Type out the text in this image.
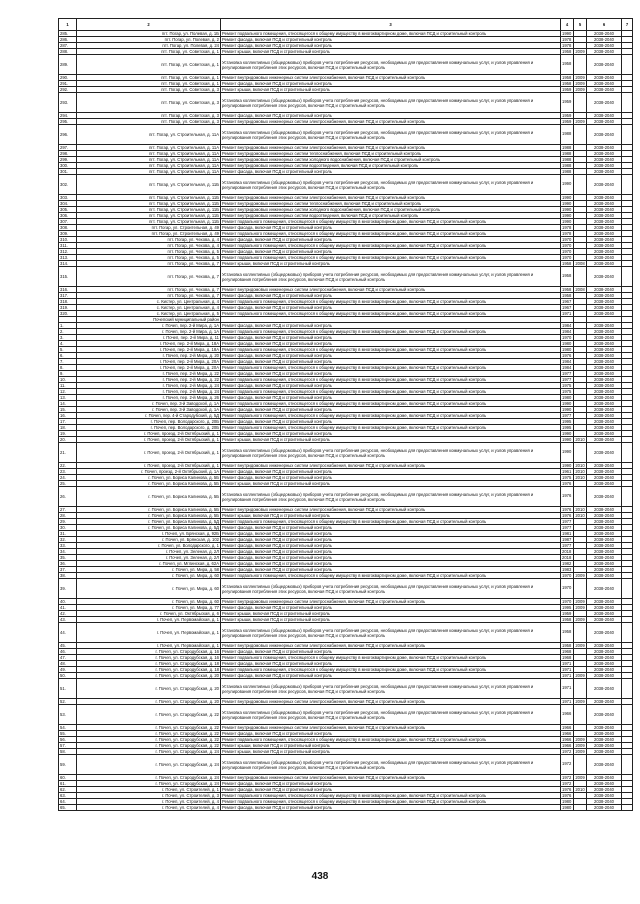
1	2	3	4	5	6	7
285.	пгт. Погар, ул. Полевая, д. 1Б	Ремонт подвального помещения, относящегося к общему имуществу в многоквартирном доме, включая ПСД и строительный контроль	1990		2038-2040	
286.	пгт. Погар, ул. Полевая, д. 2	Ремонт фасада, включая ПСД и строительный контроль	1978		2038-2040	
287.	пгт. Погар, ул. Полевая, д. 24	Ремонт фасада, включая ПСД и строительный контроль	1978		2038-2040	
288.	пгт. Погар, ул. Советская, д. 1	Ремонт крыши, включая ПСД и строительный контроль	1958	2009	2038-2040	
289.	пгт. Погар, ул. Советская, д. 1	Установка коллективных (общедомовых) приборов учета потребления ресурсов, необходимых для предоставления коммунальных услуг, и узлов управления и регулирования потребления этих ресурсов, включая ПСД и строительный контроль	1958		2038-2040	
290.	пгт. Погар, ул. Советская, д. 1	Ремонт внутридомовых инженерных систем электроснабжения, включая ПСД и строительный контроль	1958	2009	2038-2040	
291.	пгт. Погар, ул. Советская, д. 1	Ремонт фасада, включая ПСД и строительный контроль	1958	2009	2038-2040	
292.	пгт. Погар, ул. Советская, д. 3	Ремонт крыши, включая ПСД и строительный контроль	1959	2009	2038-2040	
293.	пгт. Погар, ул. Советская, д. 3	Установка коллективных (общедомовых) приборов учета потребления ресурсов, необходимых для предоставления коммунальных услуг, и узлов управления и регулирования потребления этих ресурсов, включая ПСД и строительный контроль	1959		2038-2040	
294.	пгт. Погар, ул. Советская, д. 3	Ремонт фасада, включая ПСД и строительный контроль	1959		2038-2040	
295.	пгт. Погар, ул. Советская, д. 3	Ремонт внутридомовых инженерных систем электроснабжения, включая ПСД и строительный контроль	1959	2009	2038-2040	
296.	пгт. Погар, ул. Строительная, д. 11А	Установка коллективных (общедомовых) приборов учета потребления ресурсов, необходимых для предоставления коммунальных услуг, и узлов управления и регулирования потребления этих ресурсов, включая ПСД и строительный контроль	1988		2038-2040	
297.	пгт. Погар, ул. Строительная, д. 11А	Ремонт внутридомовых инженерных систем электроснабжения, включая ПСД и строительный контроль	1988		2038-2040	
298.	пгт. Погар, ул. Строительная, д. 11А	Ремонт внутридомовых инженерных систем теплоснабжения, включая ПСД и строительный контроль	1988		2038-2040	
299.	пгт. Погар, ул. Строительная, д. 11А	Ремонт внутридомовых инженерных систем холодного водоснабжения, включая ПСД и строительный контроль	1988		2038-2040	
300.	пгт. Погар, ул. Строительная, д. 11А	Ремонт внутридомовых инженерных систем водоотведения, включая ПСД и строительный контроль	1988		2038-2040	
301.	пгт. Погар, ул. Строительная, д. 11А	Ремонт фасада, включая ПСД и строительный контроль	1988		2038-2040	
302.	пгт. Погар, ул. Строительная, д. 11Б	Установка коллективных (общедомовых) приборов учета потребления ресурсов, необходимых для предоставления коммунальных услуг, и узлов управления и регулирования потребления этих ресурсов, включая ПСД и строительный контроль	1990		2038-2040	
303.	пгт. Погар, ул. Строительная, д. 11Б	Ремонт внутридомовых инженерных систем электроснабжения, включая ПСД и строительный контроль	1990		2038-2040	
304.	пгт. Погар, ул. Строительная, д. 11Б	Ремонт внутридомовых инженерных систем теплоснабжения, включая ПСД и строительный контроль	1990		2038-2040	
305.	пгт. Погар, ул. Строительная, д. 11Б	Ремонт внутридомовых инженерных систем холодного водоснабжения, включая ПСД и строительный контроль	1990		2038-2040	
306.	пгт. Погар, ул. Строительная, д. 11Б	Ремонт внутридомовых инженерных систем водоотведения, включая ПСД и строительный контроль	1990		2038-2040	
307.	пгт. Погар, ул. Строительная, д. 11Б	Ремонт подвального помещения, относящегося к общему имуществу в многоквартирном доме, включая ПСД и строительный контроль	1990		2038-2040	
308.	пгт. Погар, ул. Строительная, д. 49	Ремонт фасада, включая ПСД и строительный контроль	1978		2038-2040	
309.	пгт. Погар, ул. Строительная, д. 49	Ремонт подвального помещения, относящегося к общему имуществу в многоквартирном доме, включая ПСД и строительный контроль	1978		2038-2040	
310.	пгт. Погар, ул. Чехова, д. 4	Ремонт фасада, включая ПСД и строительный контроль	1970		2038-2040	
311.	пгт. Погар, ул. Чехова, д. 4	Ремонт подвального помещения, относящегося к общему имуществу в многоквартирном доме, включая ПСД и строительный контроль	1970		2038-2040	
312.	пгт. Погар, ул. Чехова, д. 5	Ремонт фасада, включая ПСД и строительный контроль	1970		2038-2040	
313.	пгт. Погар, ул. Чехова, д. 5	Ремонт подвального помещения, относящегося к общему имуществу в многоквартирном доме, включая ПСД и строительный контроль	1970		2038-2040	
314.	пгт. Погар, ул. Чехова, д. 7	Ремонт крыши, включая ПСД и строительный контроль	1958	2008	2038-2040	
315.	пгт. Погар, ул. Чехова, д. 7	Установка коллективных (общедомовых) приборов учета потребления ресурсов, необходимых для предоставления коммунальных услуг, и узлов управления и регулирования потребления этих ресурсов, включая ПСД и строительный контроль	1958		2038-2040	
316.	пгт. Погар, ул. Чехова, д. 7	Ремонт внутридомовых инженерных систем электроснабжения, включая ПСД и строительный контроль	1958	2008	2038-2040	
317.	пгт. Погар, ул. Чехова, д. 7	Ремонт фасада, включая ПСД и строительный контроль	1958		2038-2040	
318.	с. Кистер, ул. Центральная, д. 4	Ремонт подвального помещения, относящегося к общему имуществу в многоквартирном доме, включая ПСД и строительный контроль	1967		2038-2040	
319.	с. Кистер, ул. Центральная, д. 4	Ремонт фасада, включая ПСД и строительный контроль	1967		2038-2040	
320.	с. Кистер, ул. Центральная, д. 5	Ремонт подвального помещения, относящегося к общему имуществу в многоквартирном доме, включая ПСД и строительный контроль	1971		2038-2040	
	Почепский муниципальный район					
1.	г. Почеп, пер. 2-й Мира, д. 1А	Ремонт фасада, включая ПСД и строительный контроль	1984		2038-2040	
2.	г. Почеп, пер. 2-й Мира, д. 1А	Ремонт подвального помещения, относящегося к общему имуществу в многоквартирном доме, включая ПСД и строительный контроль	1984		2038-2040	
3.	г. Почеп, пер. 2-й Мира, д. 11	Ремонт фасада, включая ПСД и строительный контроль	1970		2038-2040	
4.	г. Почеп, пер. 2-й Мира, д. 18А	Ремонт фасада, включая ПСД и строительный контроль	1980		2038-2040	
5.	г. Почеп, пер. 2-й Мира, д. 18А	Ремонт подвального помещения, относящегося к общему имуществу в многоквартирном доме, включая ПСД и строительный контроль	1980		2038-2040	
6.	г. Почеп, пер. 2-й Мира, д. 20	Ремонт фасада, включая ПСД и строительный контроль	1976		2038-2040	
7.	г. Почеп, пер. 2-й Мира, д. 20А	Ремонт фасада, включая ПСД и строительный контроль	1984		2038-2040	
8.	г. Почеп, пер. 2-й Мира, д. 20А	Ремонт подвального помещения, относящегося к общему имуществу в многоквартирном доме, включая ПСД и строительный контроль	1984		2038-2040	
9.	г. Почеп, пер. 2-й Мира, д. 22	Ремонт фасада, включая ПСД и строительный контроль	1977		2038-2040	
10.	г. Почеп, пер. 2-й Мира, д. 22	Ремонт подвального помещения, относящегося к общему имуществу в многоквартирном доме, включая ПСД и строительный контроль	1977		2038-2040	
11.	г. Почеп, пер. 2-й Мира, д. 24	Ремонт фасада, включая ПСД и строительный контроль	1975		2038-2040	
12.	г. Почеп, пер. 2-й Мира, д. 24	Ремонт подвального помещения, относящегося к общему имуществу в многоквартирном доме, включая ПСД и строительный контроль	1975		2038-2040	
13.	г. Почеп, пер. 2-й Мира, д. 26	Ремонт фасада, включая ПСД и строительный контроль	1980		2038-2040	
14.	г. Почеп, пер. 3-й Заводской, д. 1А	Ремонт подвального помещения, относящегося к общему имуществу в многоквартирном доме, включая ПСД и строительный контроль	1990		2038-2040	
15.	г. Почеп, пер. 3-й Заводской, д. 1А	Ремонт фасада, включая ПСД и строительный контроль	1990		2038-2040	
16.	г. Почеп, пер. 4-й Стародубский, д. 5Д	Ремонт подвального помещения, относящегося к общему имуществу в многоквартирном доме, включая ПСД и строительный контроль	1977		2038-2040	
17.	г. Почеп, пер. Володарского, д. 20Б	Ремонт фасада, включая ПСД и строительный контроль	1995		2038-2040	
18.	г. Почеп, пер. Володарского, д. 20Б	Ремонт подвального помещения, относящегося к общему имуществу в многоквартирном доме, включая ПСД и строительный контроль	1995		2038-2040	
19.	г. Почеп, проезд. 2-й Октябрьский, д. 1	Ремонт фасада, включая ПСД и строительный контроль	1990		2038-2040	
20.	г. Почеп, проезд. 2-й Октябрьский, д. 1	Ремонт крыши, включая ПСД и строительный контроль	1990	2010	2038-2040	
21.	г. Почеп, проезд. 2-й Октябрьский, д. 1	Установка коллективных (общедомовых) приборов учета потребления ресурсов, необходимых для предоставления коммунальных услуг, и узлов управления и регулирования потребления этих ресурсов, включая ПСД и строительный контроль	1990		2038-2040	
22.	г. Почеп, проезд. 2-й Октябрьский, д. 1	Ремонт внутридомовых инженерных систем электроснабжения, включая ПСД и строительный контроль	1990	2010	2038-2040	
23.	г. Почеп, проезд. 2-й Октябрьский, д. 1А	Ремонт фасада, включая ПСД и строительный контроль	1961	2010	2038-2040	
24.	г. Почеп, ул. Бориса Калинова, д. 5Б	Ремонт фасада, включая ПСД и строительный контроль	1975	2010	2038-2040	
25.	г. Почеп, ул. Бориса Калинова, д. 5Б	Ремонт крыши, включая ПСД и строительный контроль	1976		2038-2040	
26.	г. Почеп, ул. Бориса Калинова, д. 5Б	Установка коллективных (общедомовых) приборов учета потребления ресурсов, необходимых для предоставления коммунальных услуг, и узлов управления и регулирования потребления этих ресурсов, включая ПСД и строительный контроль	1976		2038-2040	
27.	г. Почеп, ул. Бориса Калинова, д. 5Б	Ремонт внутридомовых инженерных систем электроснабжения, включая ПСД и строительный контроль	1976	2010	2038-2040	
28.	г. Почеп, ул. Бориса Калинова, д. 5Б	Ремонт крыши, включая ПСД и строительный контроль	1976	2010	2038-2040	
29.	г. Почеп, ул. Бориса Калинова, д. 5Д	Ремонт подвального помещения, относящегося к общему имуществу в многоквартирном доме, включая ПСД и строительный контроль	1977		2038-2040	
30.	г. Почеп, ул. Бориса Калинова, д. 5Д	Ремонт фасада, включая ПСД и строительный контроль	1977		2038-2040	
31.	г. Почеп, ул. Брянская, д. 92Б	Ремонт фасада, включая ПСД и строительный контроль	1981		2038-2040	
32.	г. Почеп, ул. Брянская, д. 102	Ремонт фасада, включая ПСД и строительный контроль	1987		2038-2040	
33.	г. Почеп, ул. Володарского, д. 1	Ремонт фасада, включая ПСД и строительный контроль	1977		2038-2040	
34.	г. Почеп, ул. Зеленая, д. 2Л	Ремонт фасада, включая ПСД и строительный контроль	2018		2038-2040	
35.	г. Почеп, ул. Зеленая, д. 2Л	Ремонт фасада, включая ПСД и строительный контроль	2018		2038-2040	
36.	г. Почеп, ул. Мглинская, д. 62А	Ремонт фасада, включая ПСД и строительный контроль	1982		2038-2040	
37.	г. Почеп, ул. Мира, д. 58	Ремонт фасада, включая ПСД и строительный контроль	1983		2038-2040	
38.	г. Почеп, ул. Мира, д. 60	Ремонт подвального помещения, относящегося к общему имуществу в многоквартирном доме, включая ПСД и строительный контроль	1970	2009	2038-2040	
39.	г. Почеп, ул. Мира, д. 60	Установка коллективных (общедомовых) приборов учета потребления ресурсов, необходимых для предоставления коммунальных услуг, и узлов управления и регулирования потребления этих ресурсов, включая ПСД и строительный контроль	1970		2038-2040	
40.	г. Почеп, ул. Мира, д. 60	Ремонт внутридомовых инженерных систем электроснабжения, включая ПСД и строительный контроль	1970	2009	2038-2040	
41.	г. Почеп, ул. Мира, д. 77	Ремонт фасада, включая ПСД и строительный контроль	1995	2009	2038-2040	
42.	г. Почеп, ул. Октябрьская, д. 6	Ремонт крыши, включая ПСД и строительный контроль	1959		2038-2040	
43.	г. Почеп, ул. Первомайская, д. 1	Ремонт крыши, включая ПСД и строительный контроль	1958	2009	2038-2040	
44.	г. Почеп, ул. Первомайская, д. 1	Установка коллективных (общедомовых) приборов учета потребления ресурсов, необходимых для предоставления коммунальных услуг, и узлов управления и регулирования потребления этих ресурсов, включая ПСД и строительный контроль	1958		2038-2040	
45.	г. Почеп, ул. Первомайская, д. 1	Ремонт внутридомовых инженерных систем электроснабжения, включая ПСД и строительный контроль	1958	2009	2038-2040	
46.	г. Почеп, ул. Стародубская, д. 16	Ремонт фасада, включая ПСД и строительный контроль	1968		2038-2040	
47.	г. Почеп, ул. Стародубская, д. 16	Ремонт подвального помещения, относящегося к общему имуществу в многоквартирном доме, включая ПСД и строительный контроль	1968		2038-2040	
48.	г. Почеп, ул. Стародубская, д. 18	Ремонт фасада, включая ПСД и строительный контроль	1971		2038-2040	
49.	г. Почеп, ул. Стародубская, д. 18	Ремонт подвального помещения, относящегося к общему имуществу в многоквартирном доме, включая ПСД и строительный контроль	1971		2038-2040	
50.	г. Почеп, ул. Стародубская, д. 20	Ремонт фасада, включая ПСД и строительный контроль	1971	2009	2038-2040	
51.	г. Почеп, ул. Стародубская, д. 20	Установка коллективных (общедомовых) приборов учета потребления ресурсов, необходимых для предоставления коммунальных услуг, и узлов управления и регулирования потребления этих ресурсов, включая ПСД и строительный контроль	1971		2038-2040	
52.	г. Почеп, ул. Стародубская, д. 20	Ремонт внутридомовых инженерных систем электроснабжения, включая ПСД и строительный контроль	1971	2009	2038-2040	
53.	г. Почеп, ул. Стародубская, д. 22	Установка коллективных (общедомовых) приборов учета потребления ресурсов, необходимых для предоставления коммунальных услуг, и узлов управления и регулирования потребления этих ресурсов, включая ПСД и строительный контроль	1966		2038-2040	
54.	г. Почеп, ул. Стародубская, д. 22	Ремонт внутридомовых инженерных систем электроснабжения, включая ПСД и строительный контроль	1966		2038-2040	
55.	г. Почеп, ул. Стародубская, д. 22	Ремонт фасада, включая ПСД и строительный контроль	1966		2038-2040	
56.	г. Почеп, ул. Стародубская, д. 22	Ремонт подвального помещения, относящегося к общему имуществу в многоквартирном доме, включая ПСД и строительный контроль	1966	2009	2038-2040	
57.	г. Почеп, ул. Стародубская, д. 22	Ремонт крыши, включая ПСД и строительный контроль	1966	2009	2038-2040	
58.	г. Почеп, ул. Стародубская, д. 24	Ремонт крыши, включая ПСД и строительный контроль	1972	2009	2038-2040	
59.	г. Почеп, ул. Стародубская, д. 24	Установка коллективных (общедомовых) приборов учета потребления ресурсов, необходимых для предоставления коммунальных услуг, и узлов управления и регулирования потребления этих ресурсов, включая ПСД и строительный контроль	1972		2038-2040	
60.	г. Почеп, ул. Стародубская, д. 24	Ремонт внутридомовых инженерных систем электроснабжения, включая ПСД и строительный контроль	1972	2009	2038-2040	
61.	г. Почеп, ул. Стародубская, д. 24	Ремонт фасада, включая ПСД и строительный контроль	1972		2038-2040	
62.	г. Почеп, ул. Строителей, д. 1	Ремонт фасада, включая ПСД и строительный контроль	1976	2010	2038-2040	
63.	г. Почеп, ул. Строителей, д. 3	Ремонт подвального помещения, относящегося к общему имуществу в многоквартирном доме, включая ПСД и строительный контроль	1976		2038-2040	
64.	г. Почеп, ул. Строителей, д. 4	Ремонт подвального помещения, относящегося к общему имуществу в многоквартирном доме, включая ПСД и строительный контроль	1980		2038-2040	
65.	г. Почеп, ул. Строителей, д. 4	Ремонт фасада, включая ПСД и строительный контроль	1980		2038-2040	
438
